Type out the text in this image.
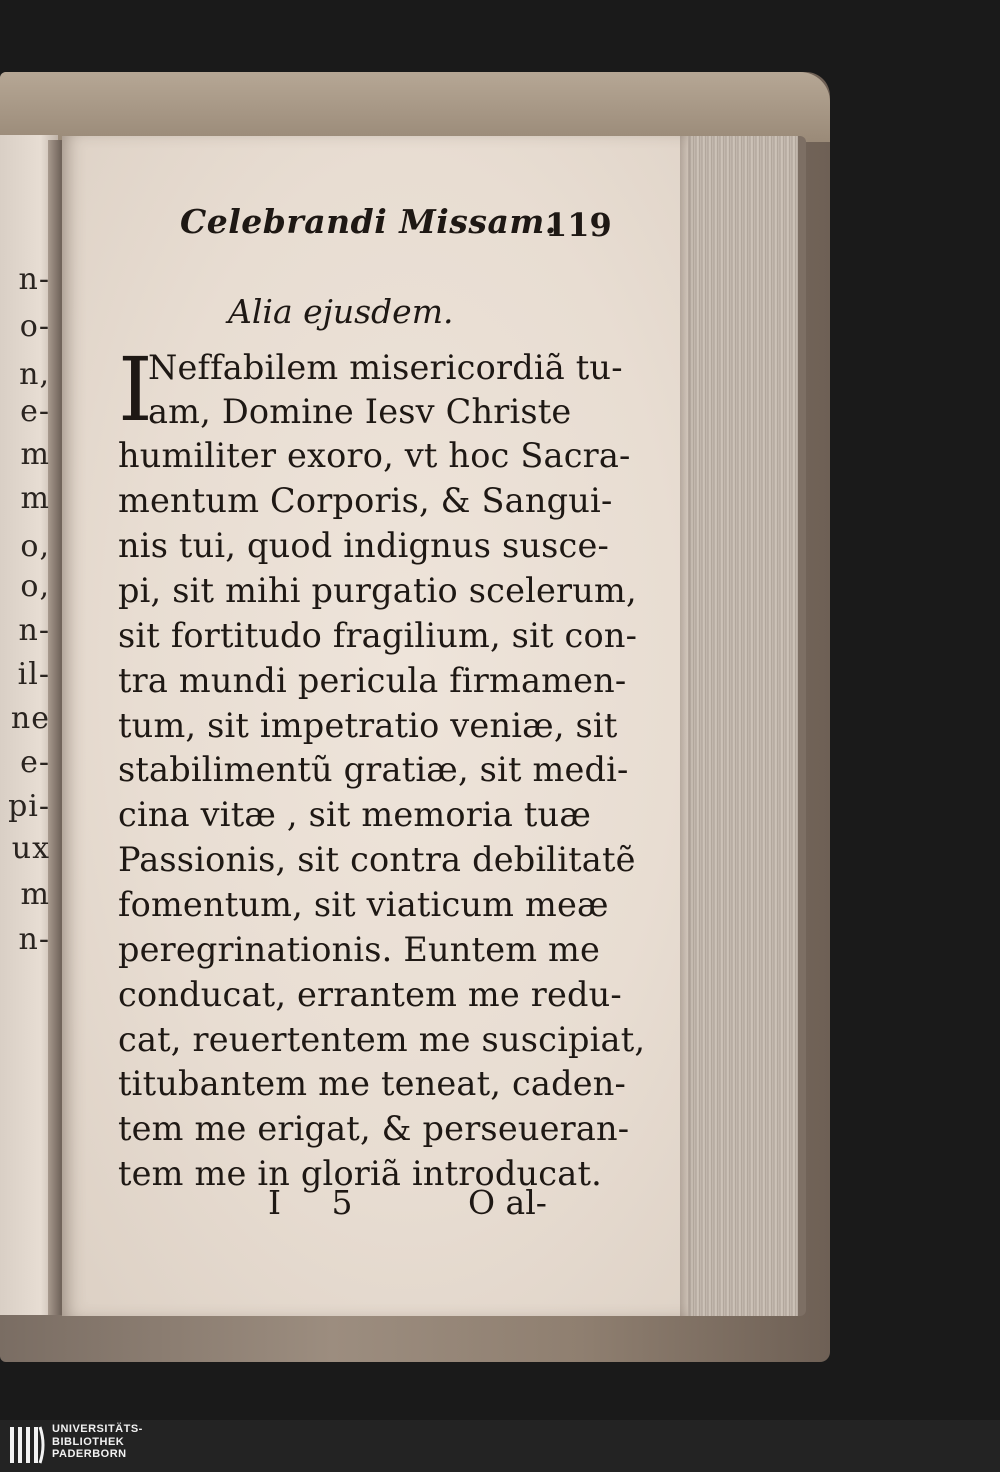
n‑
o‑
n,
e‑
m
m
o,
o,
n‑
il‑
ne
e‑
pi‑
ux
m
n‑
Celebrandi Missam.
119
Alia ejusdem.
I
Neffabilem misericordiã tu-
am, Domine Iesv Christe
humiliter exoro, vt hoc Sacra-
mentum Corporis, & Sangui-
nis tui, quod indignus susce-
pi, sit mihi purgatio scelerum,
sit fortitudo fragilium, sit con-
tra mundi pericula firmamen-
tum, sit impetratio veniæ, sit
stabilimentũ gratiæ, sit medi-
cina vitæ , sit memoria tuæ
Passionis, sit contra debilitatẽ
fomentum, sit viaticum meæ
peregrinationis. Euntem me
conducat, errantem me redu-
cat, reuertentem me suscipiat,
titubantem me teneat, caden-
tem me erigat, & perseueran-
tem me in gloriã introducat.
I 5	O al-
UNIVERSITÄTS-
BIBLIOTHEK
PADERBORN
